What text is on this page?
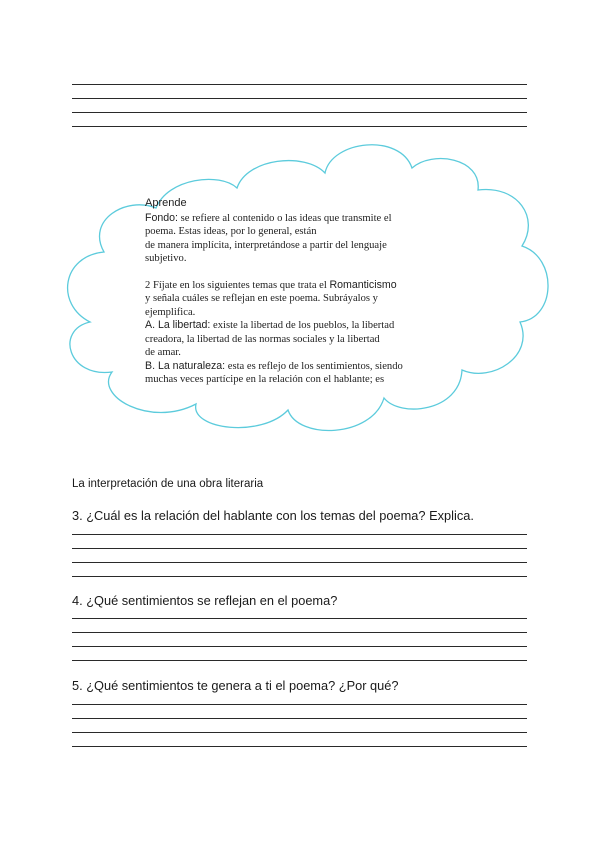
Aprende

Fondo: se refiere al contenido o las ideas que transmite el

poema. Estas ideas, por lo general, están

de manera implícita, interpretándose a partir del lenguaje

subjetivo.

2 Fíjate en los siguientes temas que trata el Romanticismo

y señala cuáles se reflejan en este poema. Subráyalos y

ejemplifica.

A. La libertad: existe la libertad de los pueblos, la libertad

creadora, la libertad de las normas sociales y la libertad

de amar.

B. La naturaleza: esta es reflejo de los sentimientos, siendo

muchas veces partícipe en la relación con el hablante; es

La interpretación de una obra literaria
3. ¿Cuál es la relación del hablante con los temas del poema? Explica.
4. ¿Qué sentimientos se reflejan en el poema?
5. ¿Qué sentimientos te genera a ti el poema? ¿Por qué?
